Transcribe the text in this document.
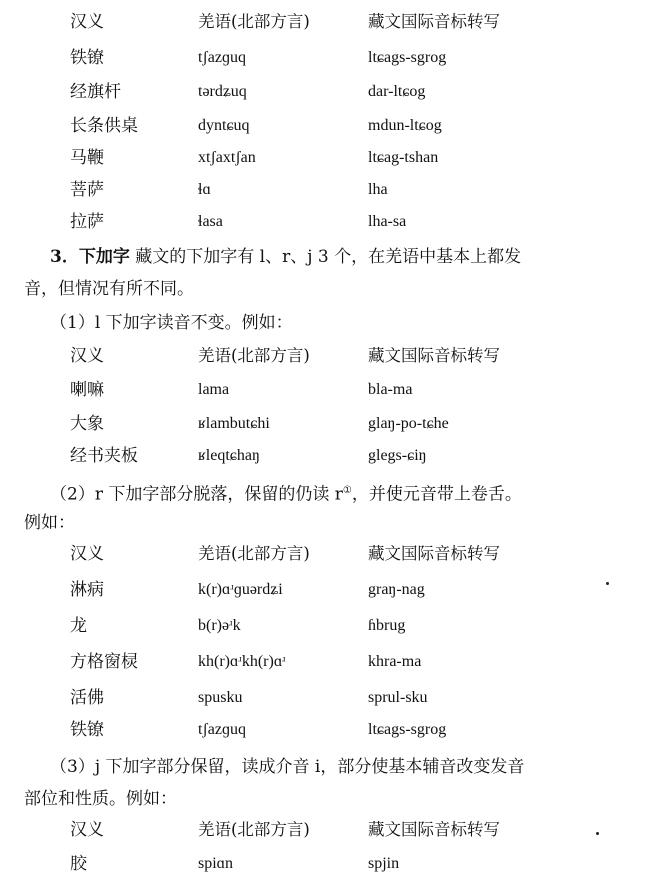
汉义	羌语(北部方言)	藏文国际音标转写
铁镣	tʃazɡuq	ltɕags-sgrog
经旗杆	tərdʑuq	dar-ltɕog
长条供桌	dyntɕuq	mdun-ltɕog
马鞭	xtʃaxtʃan	ltɕag-tshan
菩萨	ɬɑ	lha
拉萨	ɬasa	lha-sa
3．下加字 藏文的下加字有 l、r、j 3 个，在羌语中基本上都发
音，但情况有所不同。
（1）l 下加字读音不变。例如：
汉义	羌语(北部方言)	藏文国际音标转写
喇嘛	lama	bla-ma
大象	ʁlambutɕhi	glaŋ-po-tɕhe
经书夹板	ʁleqtɕhaŋ	glegs-ɕiŋ
（2）r 下加字部分脱落，保留的仍读 r①，并使元音带上卷舌。
例如：
汉义	羌语(北部方言)	藏文国际音标转写
淋病	k(r)ɑʴɡuərdʑi	graŋ-nag
龙	b(r)əʴk	ɦbrug
方格窗棂	kh(r)ɑʴkh(r)ɑʴ	khra-ma
活佛	spusku	sprul-sku
铁镣	tʃazɡuq	ltɕags-sgrog
（3）j 下加字部分保留，读成介音 i，部分使基本辅音改变发音
部位和性质。例如：
汉义	羌语(北部方言)	藏文国际音标转写
胶	spiɑn	spjin
